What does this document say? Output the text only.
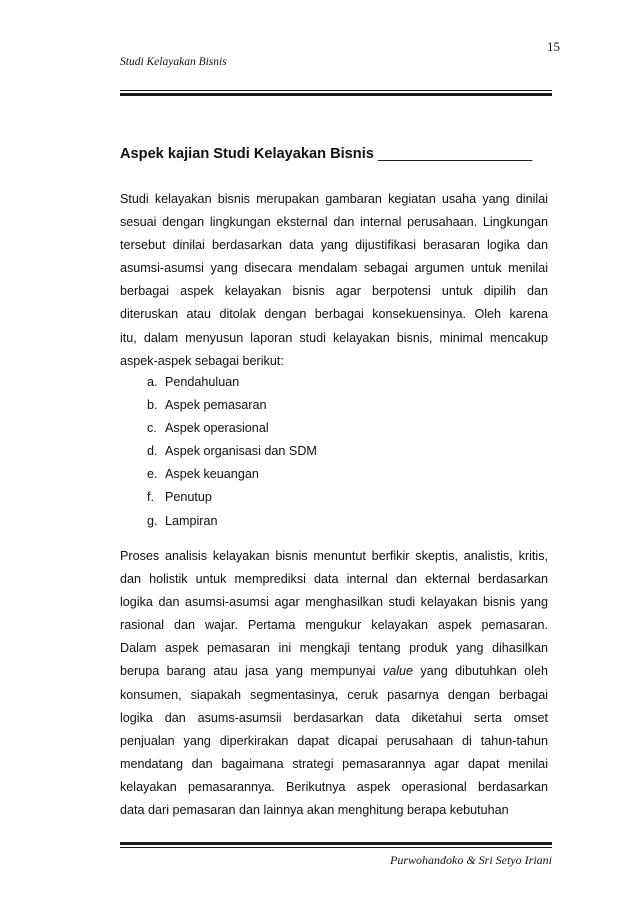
15
Studi Kelayakan Bisnis
Aspek kajian Studi Kelayakan Bisnis ___________________
Studi kelayakan bisnis merupakan gambaran kegiatan usaha yang dinilai
sesuai dengan lingkungan eksternal dan internal perusahaan. Lingkungan
tersebut dinilai berdasarkan data yang dijustifikasi berasaran logika dan
asumsi-asumsi yang disecara mendalam sebagai argumen untuk menilai
berbagai aspek kelayakan bisnis agar berpotensi untuk dipilih dan
diteruskan atau ditolak dengan berbagai konsekuensinya. Oleh karena
itu, dalam menyusun laporan studi kelayakan bisnis, minimal mencakup
aspek-aspek sebagai berikut:
a. Pendahuluan
b. Aspek pemasaran
c. Aspek operasional
d. Aspek organisasi dan SDM
e. Aspek keuangan
f. Penutup
g. Lampiran
Proses analisis kelayakan bisnis menuntut berfikir skeptis, analistis, kritis,
dan holistik untuk memprediksi data internal dan ekternal berdasarkan
logika dan asumsi-asumsi agar menghasilkan studi kelayakan bisnis yang
rasional dan wajar. Pertama mengukur kelayakan aspek pemasaran.
Dalam aspek pemasaran ini mengkaji tentang produk yang dihasilkan
berupa barang atau jasa yang mempunyai value yang dibutuhkan oleh
konsumen, siapakah segmentasinya, ceruk pasarnya dengan berbagai
logika dan asums-asumsii berdasarkan data diketahui serta omset
penjualan yang diperkirakan dapat dicapai perusahaan di tahun-tahun
mendatang dan bagaimana strategi pemasarannya agar dapat menilai
kelayakan pemasarannya. Berikutnya aspek operasional berdasarkan
data dari pemasaran dan lainnya akan menghitung berapa kebutuhan
Purwohandoko & Sri Setyo Iriani
